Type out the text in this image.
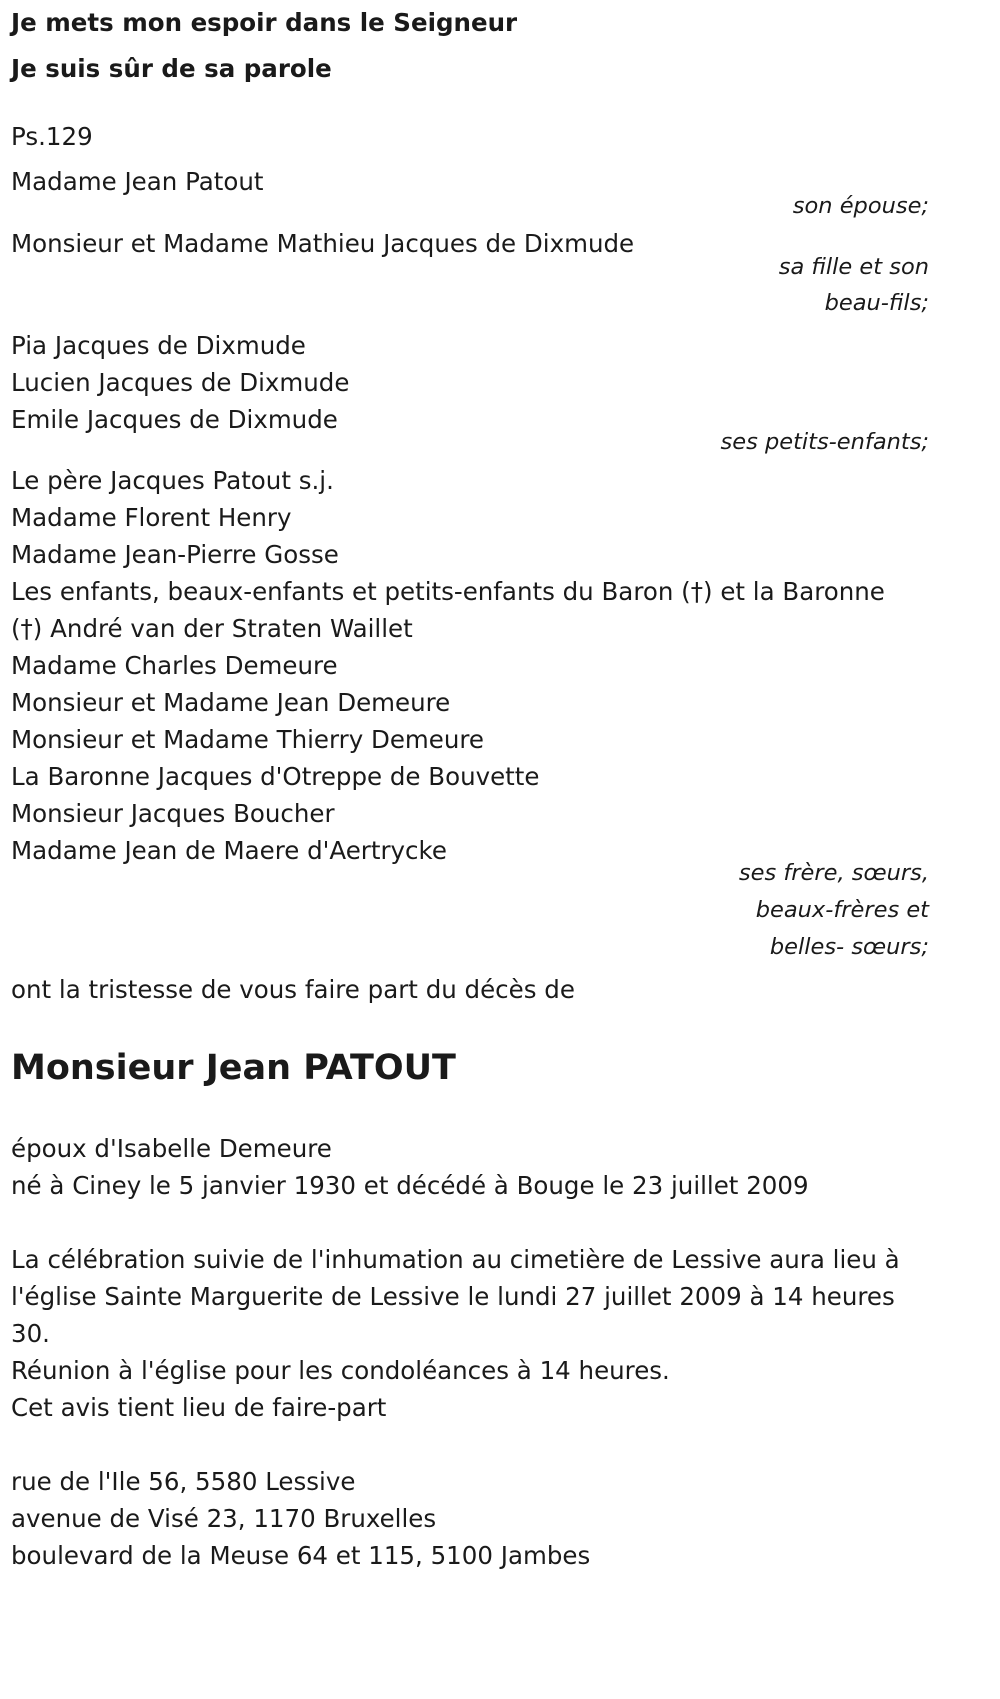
Je mets mon espoir dans le Seigneur
Je suis sûr de sa parole
Ps.129
Madame Jean Patout
son épouse;
Monsieur et Madame Mathieu Jacques de Dixmude
sa fille et son
beau-fils;
Pia Jacques de Dixmude
Lucien Jacques de Dixmude
Emile Jacques de Dixmude
ses petits-enfants;
Le père Jacques Patout s.j.
Madame Florent Henry
Madame Jean-Pierre Gosse
Les enfants, beaux-enfants et petits-enfants du Baron (†) et la Baronne
(†) André van der Straten Waillet
Madame Charles Demeure
Monsieur et Madame Jean Demeure
Monsieur et Madame Thierry Demeure
La Baronne Jacques d'Otreppe de Bouvette
Monsieur Jacques Boucher
Madame Jean de Maere d'Aertrycke
ses frère, sœurs,
beaux-frères et
belles- sœurs;
ont la tristesse de vous faire part du décès de
Monsieur Jean PATOUT
époux d'Isabelle Demeure
né à Ciney le 5 janvier 1930 et décédé à Bouge le 23 juillet 2009
La célébration suivie de l'inhumation au cimetière de Lessive aura lieu à
l'église Sainte Marguerite de Lessive le lundi 27 juillet 2009 à 14 heures
30.
Réunion à l'église pour les condoléances à 14 heures.
Cet avis tient lieu de faire-part
rue de l'Ile 56, 5580 Lessive
avenue de Visé 23, 1170 Bruxelles
boulevard de la Meuse 64 et 115, 5100 Jambes
